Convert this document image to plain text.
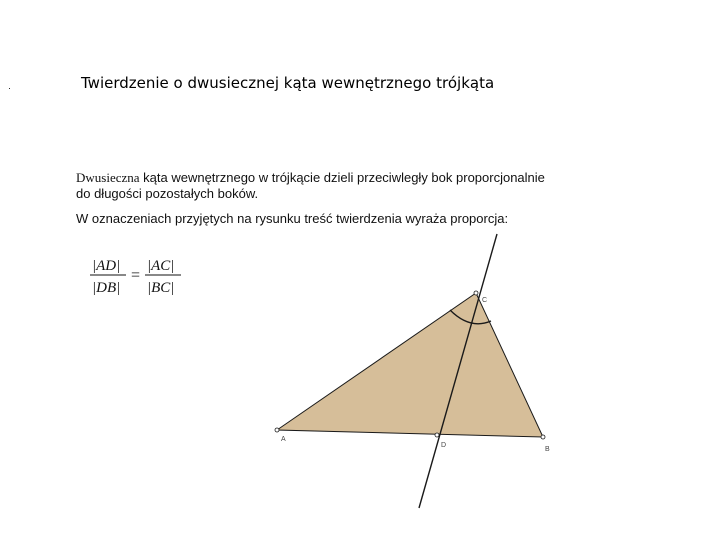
·	Twierdzenie o dwusiecznej kąta wewnętrznego trójkąta
Dwusieczna kąta wewnętrznego w trójkącie dzieli przeciwległy bok proporcjonalnie
do długości pozostałych boków.
W oznaczeniach przyjętych na rysunku treść twierdzenia wyraża proporcja:
|AD|
|DB|
=
|AC|
|BC|
A
B
C
D
